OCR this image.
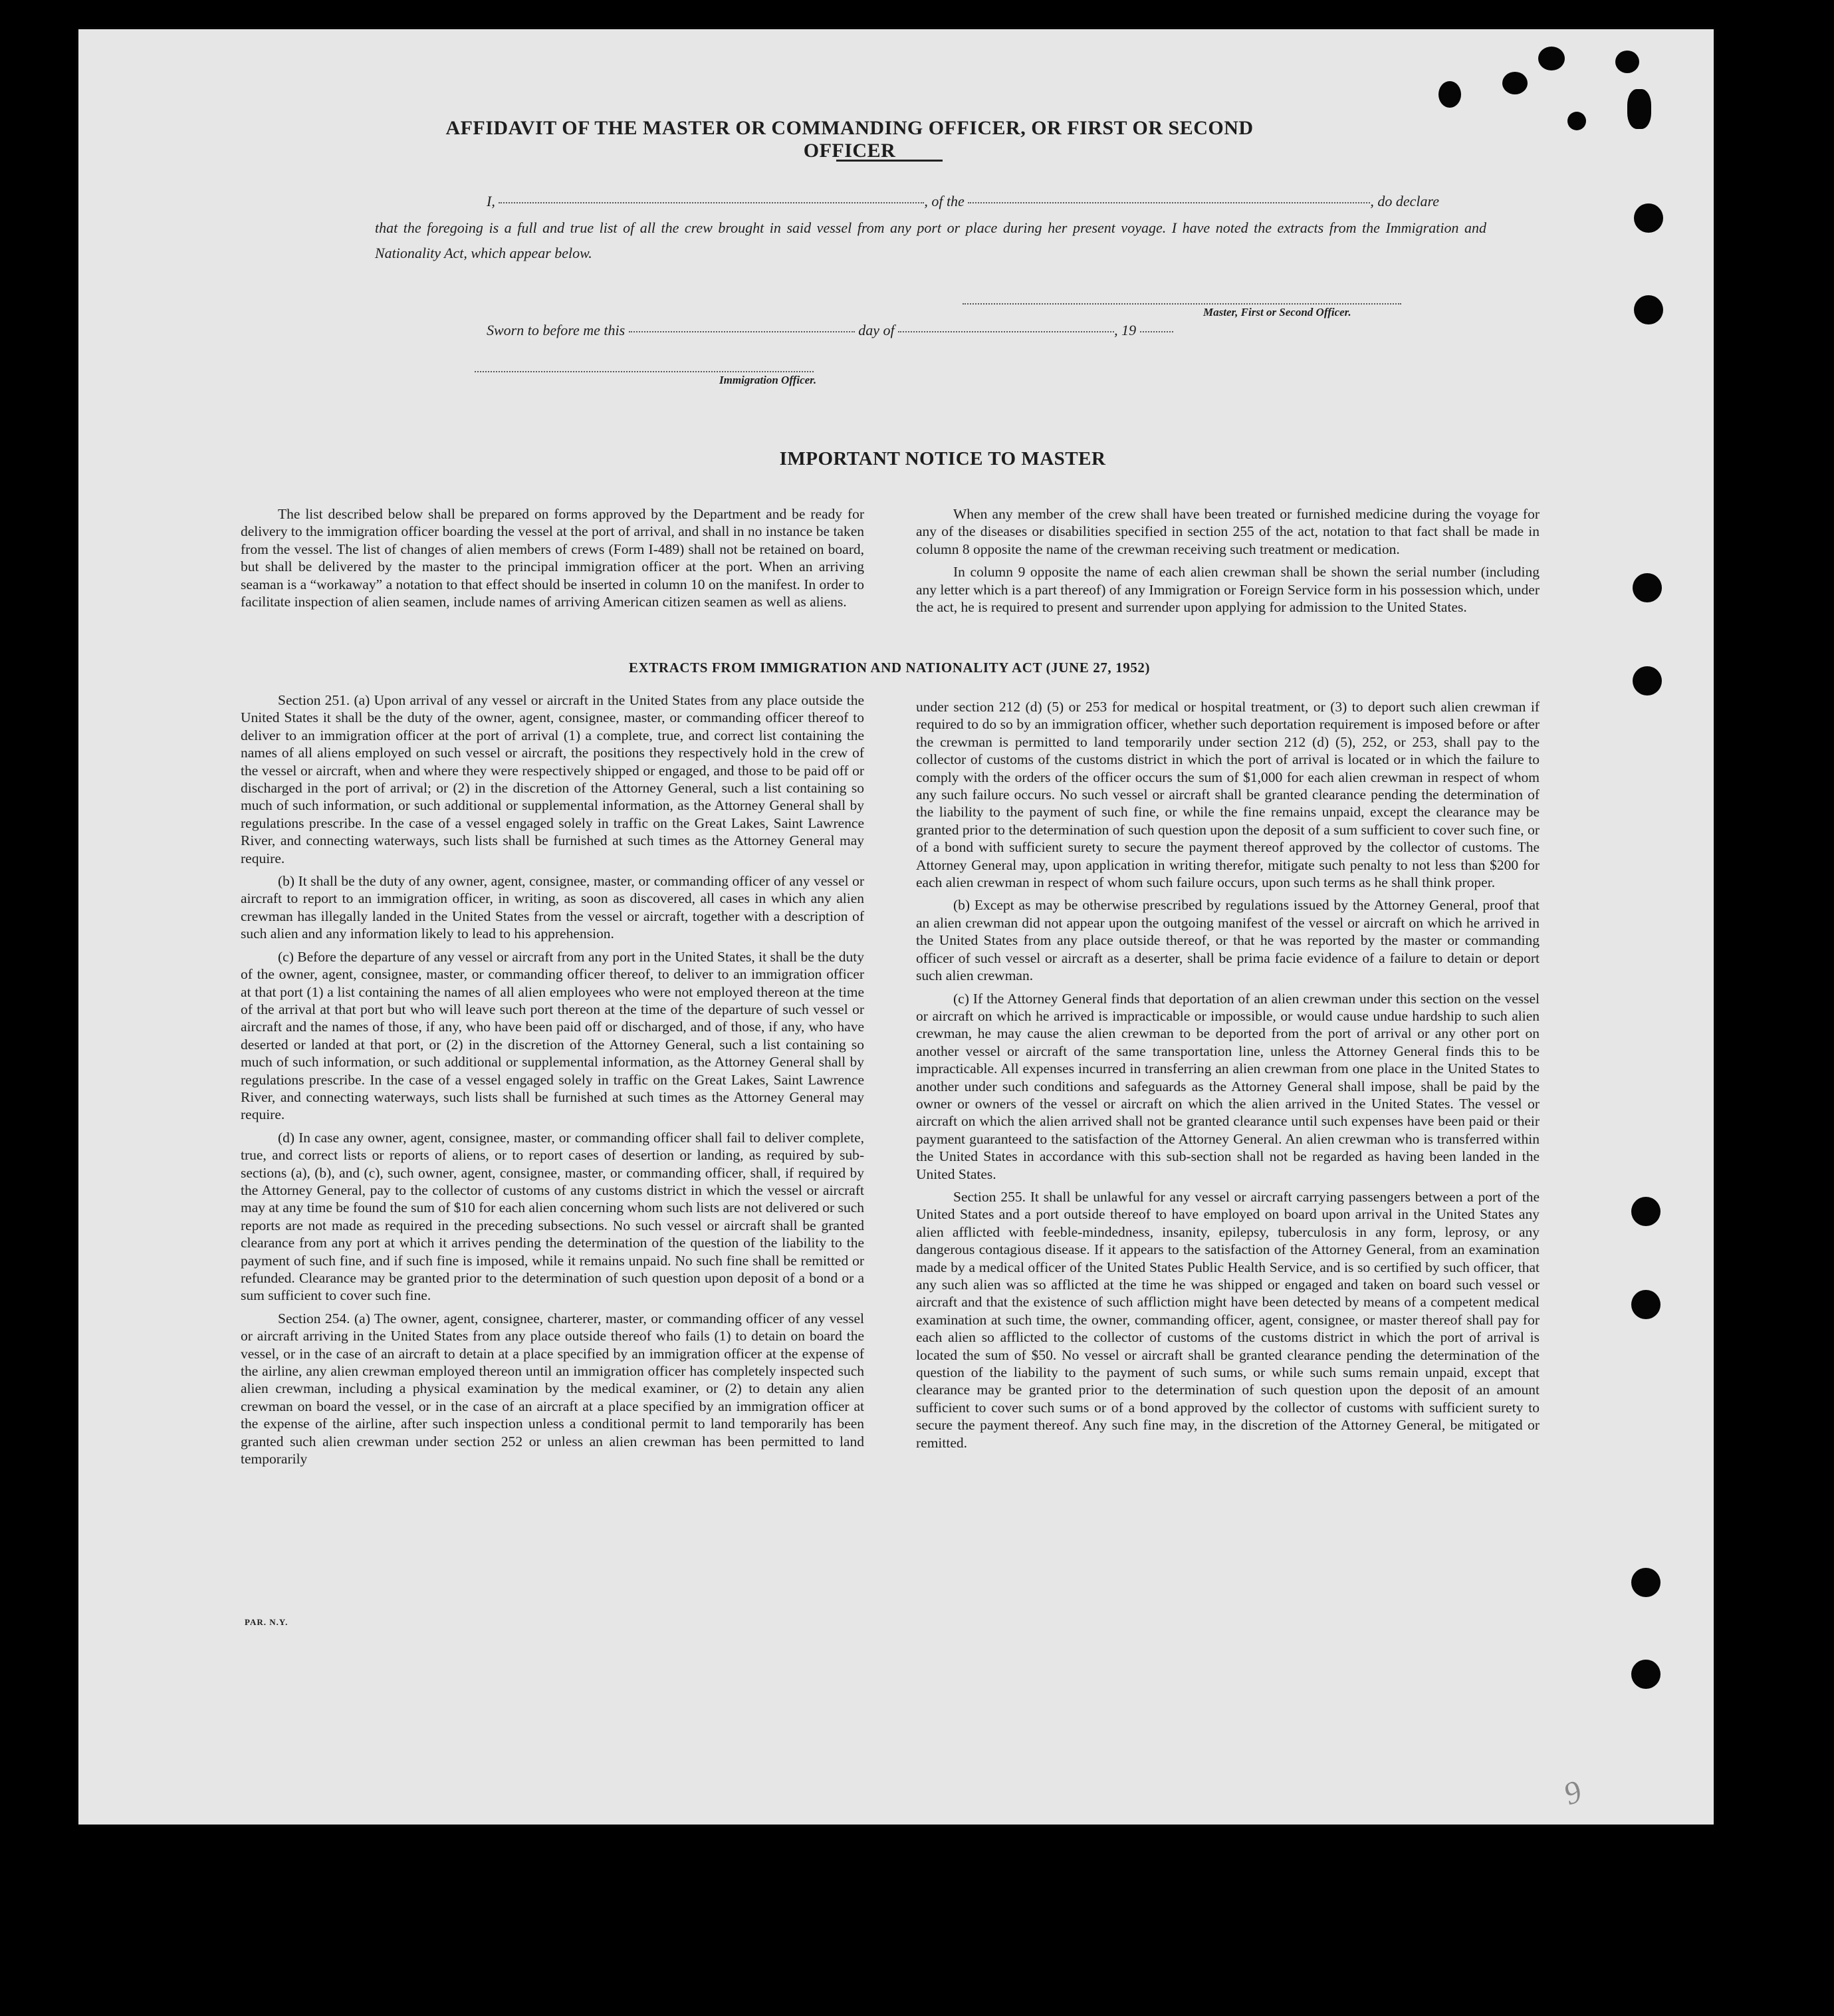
AFFIDAVIT OF THE MASTER OR COMMANDING OFFICER, OR FIRST OR SECOND OFFICER
I,	, of the	, do declare
that the foregoing is a full and true list of all the crew brought in said vessel from any port or place during her present voyage. I have noted the extracts from the Immigration and Nationality Act, which appear below.
Master, First or Second Officer.
Sworn to before me this	day of	, 19
Immigration Officer.
IMPORTANT NOTICE TO MASTER

The list described below shall be prepared on forms approved by the Department and be ready for delivery to the immigration officer boarding the vessel at the port of arrival, and shall in no instance be taken from the vessel. The list of changes of alien members of crews (Form I-489) shall not be retained on board, but shall be delivered by the master to the principal immigration officer at the port. When an arriving seaman is a “workaway” a notation to that effect should be inserted in column 10 on the manifest. In order to facilitate inspection of alien seamen, include names of arriving American citizen seamen as well as aliens.

When any member of the crew shall have been treated or furnished medicine during the voyage for any of the diseases or disabilities specified in section 255 of the act, notation to that fact shall be made in column 8 opposite the name of the crewman receiving such treatment or medication.

In column 9 opposite the name of each alien crewman shall be shown the serial number (including any letter which is a part thereof) of any Immigration or Foreign Service form in his possession which, under the act, he is required to present and surrender upon applying for admission to the United States.

EXTRACTS FROM IMMIGRATION AND NATIONALITY ACT (JUNE 27, 1952)

Section 251. (a) Upon arrival of any vessel or aircraft in the United States from any place outside the United States it shall be the duty of the owner, agent, consignee, master, or commanding officer thereof to deliver to an immigration officer at the port of arrival (1) a complete, true, and correct list containing the names of all aliens employed on such vessel or aircraft, the positions they respectively hold in the crew of the vessel or aircraft, when and where they were respectively shipped or engaged, and those to be paid off or discharged in the port of arrival; or (2) in the discretion of the Attorney General, such a list containing so much of such information, or such additional or supplemental information, as the Attorney General shall by regulations prescribe. In the case of a vessel engaged solely in traffic on the Great Lakes, Saint Lawrence River, and connecting waterways, such lists shall be furnished at such times as the Attorney General may require.

(b) It shall be the duty of any owner, agent, consignee, master, or commanding officer of any vessel or aircraft to report to an immigration officer, in writing, as soon as discovered, all cases in which any alien crewman has illegally landed in the United States from the vessel or aircraft, together with a description of such alien and any information likely to lead to his apprehension.

(c) Before the departure of any vessel or aircraft from any port in the United States, it shall be the duty of the owner, agent, consignee, master, or commanding officer thereof, to deliver to an immigration officer at that port (1) a list containing the names of all alien employees who were not employed thereon at the time of the arrival at that port but who will leave such port thereon at the time of the departure of such vessel or aircraft and the names of those, if any, who have been paid off or discharged, and of those, if any, who have deserted or landed at that port, or (2) in the discretion of the Attorney General, such a list containing so much of such information, or such additional or supplemental information, as the Attorney General shall by regulations prescribe. In the case of a vessel engaged solely in traffic on the Great Lakes, Saint Lawrence River, and connecting waterways, such lists shall be furnished at such times as the Attorney General may require.

(d) In case any owner, agent, consignee, master, or commanding officer shall fail to deliver complete, true, and correct lists or reports of aliens, or to report cases of desertion or landing, as required by sub-sections (a), (b), and (c), such owner, agent, consignee, master, or commanding officer, shall, if required by the Attorney General, pay to the collector of customs of any customs district in which the vessel or aircraft may at any time be found the sum of $10 for each alien concerning whom such lists are not delivered or such reports are not made as required in the preceding subsections. No such vessel or aircraft shall be granted clearance from any port at which it arrives pending the determination of the question of the liability to the payment of such fine, and if such fine is imposed, while it remains unpaid. No such fine shall be remitted or refunded. Clearance may be granted prior to the determination of such question upon deposit of a bond or a sum sufficient to cover such fine.

Section 254. (a) The owner, agent, consignee, charterer, master, or commanding officer of any vessel or aircraft arriving in the United States from any place outside thereof who fails (1) to detain on board the vessel, or in the case of an aircraft to detain at a place specified by an immigration officer at the expense of the airline, any alien crewman employed thereon until an immigration officer has completely inspected such alien crewman, including a physical examination by the medical examiner, or (2) to detain any alien crewman on board the vessel, or in the case of an aircraft at a place specified by an immigration officer at the expense of the airline, after such inspection unless a conditional permit to land temporarily has been granted such alien crewman under section 252 or unless an alien crewman has been permitted to land temporarily

under section 212 (d) (5) or 253 for medical or hospital treatment, or (3) to deport such alien crewman if required to do so by an immigration officer, whether such deportation requirement is imposed before or after the crewman is permitted to land temporarily under section 212 (d) (5), 252, or 253, shall pay to the collector of customs of the customs district in which the port of arrival is located or in which the failure to comply with the orders of the officer occurs the sum of $1,000 for each alien crewman in respect of whom any such failure occurs. No such vessel or aircraft shall be granted clearance pending the determination of the liability to the payment of such fine, or while the fine remains unpaid, except the clearance may be granted prior to the determination of such question upon the deposit of a sum sufficient to cover such fine, or of a bond with sufficient surety to secure the payment thereof approved by the collector of customs. The Attorney General may, upon application in writing therefor, mitigate such penalty to not less than $200 for each alien crewman in respect of whom such failure occurs, upon such terms as he shall think proper.

(b) Except as may be otherwise prescribed by regulations issued by the Attorney General, proof that an alien crewman did not appear upon the outgoing manifest of the vessel or aircraft on which he arrived in the United States from any place outside thereof, or that he was reported by the master or commanding officer of such vessel or aircraft as a deserter, shall be prima facie evidence of a failure to detain or deport such alien crewman.

(c) If the Attorney General finds that deportation of an alien crewman under this section on the vessel or aircraft on which he arrived is impracticable or impossible, or would cause undue hardship to such alien crewman, he may cause the alien crewman to be deported from the port of arrival or any other port on another vessel or aircraft of the same transportation line, unless the Attorney General finds this to be impracticable. All expenses incurred in transferring an alien crewman from one place in the United States to another under such conditions and safeguards as the Attorney General shall impose, shall be paid by the owner or owners of the vessel or aircraft on which the alien arrived in the United States. The vessel or aircraft on which the alien arrived shall not be granted clearance until such expenses have been paid or their payment guaranteed to the satisfaction of the Attorney General. An alien crewman who is transferred within the United States in accordance with this sub-section shall not be regarded as having been landed in the United States.

Section 255. It shall be unlawful for any vessel or aircraft carrying passengers between a port of the United States and a port outside thereof to have employed on board upon arrival in the United States any alien afflicted with feeble-mindedness, insanity, epilepsy, tuberculosis in any form, leprosy, or any dangerous contagious disease. If it appears to the satisfaction of the Attorney General, from an examination made by a medical officer of the United States Public Health Service, and is so certified by such officer, that any such alien was so afflicted at the time he was shipped or engaged and taken on board such vessel or aircraft and that the existence of such affliction might have been detected by means of a competent medical examination at such time, the owner, commanding officer, agent, consignee, or master thereof shall pay for each alien so afflicted to the collector of customs of the customs district in which the port of arrival is located the sum of $50. No vessel or aircraft shall be granted clearance pending the determination of the question of the liability to the payment of such sums, or while such sums remain unpaid, except that clearance may be granted prior to the determination of such question upon the deposit of an amount sufficient to cover such sums or of a bond approved by the collector of customs with sufficient surety to secure the payment thereof. Any such fine may, in the discretion of the Attorney General, be mitigated or remitted.

PAR. N.Y.
9
